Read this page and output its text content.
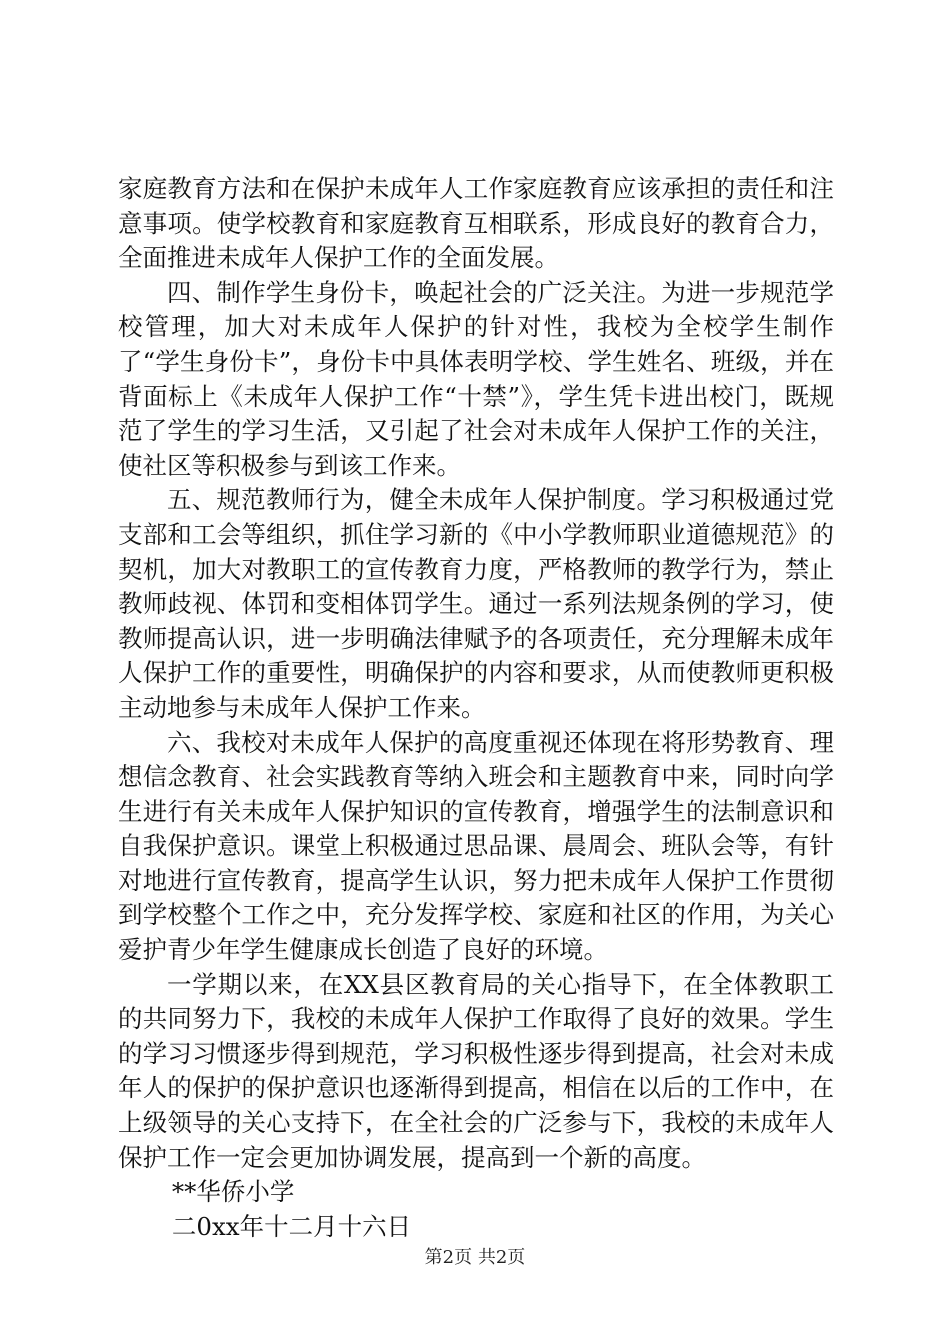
家庭教育方法和在保护未成年人工作家庭教育应该承担的责任和注意事项。使学校教育和家庭教育互相联系，形成良好的教育合力，全面推进未成年人保护工作的全面发展。

四、制作学生身份卡，唤起社会的广泛关注。为进一步规范学校管理，加大对未成年人保护的针对性，我校为全校学生制作了“学生身份卡”，身份卡中具体表明学校、学生姓名、班级，并在背面标上《未成年人保护工作“十禁”》，学生凭卡进出校门，既规范了学生的学习生活，又引起了社会对未成年人保护工作的关注，使社区等积极参与到该工作来。

五、规范教师行为，健全未成年人保护制度。学习积极通过党支部和工会等组织，抓住学习新的《中小学教师职业道德规范》的契机，加大对教职工的宣传教育力度，严格教师的教学行为，禁止教师歧视、体罚和变相体罚学生。通过一系列法规条例的学习，使教师提高认识，进一步明确法律赋予的各项责任，充分理解未成年人保护工作的重要性，明确保护的内容和要求，从而使教师更积极主动地参与未成年人保护工作来。

六、我校对未成年人保护的高度重视还体现在将形势教育、理想信念教育、社会实践教育等纳入班会和主题教育中来，同时向学生进行有关未成年人保护知识的宣传教育，增强学生的法制意识和自我保护意识。课堂上积极通过思品课、晨周会、班队会等，有针对地进行宣传教育，提高学生认识，努力把未成年人保护工作贯彻到学校整个工作之中，充分发挥学校、家庭和社区的作用，为关心爱护青少年学生健康成长创造了良好的环境。

一学期以来，在XX县区教育局的关心指导下，在全体教职工的共同努力下，我校的未成年人保护工作取得了良好的效果。学生的学习习惯逐步得到规范，学习积极性逐步得到提高，社会对未成年人的保护的保护意识也逐渐得到提高，相信在以后的工作中，在上级领导的关心支持下，在全社会的广泛参与下，我校的未成年人保护工作一定会更加协调发展，提高到一个新的高度。

**华侨小学

二0xx年十二月十六日

第2页 共2页
